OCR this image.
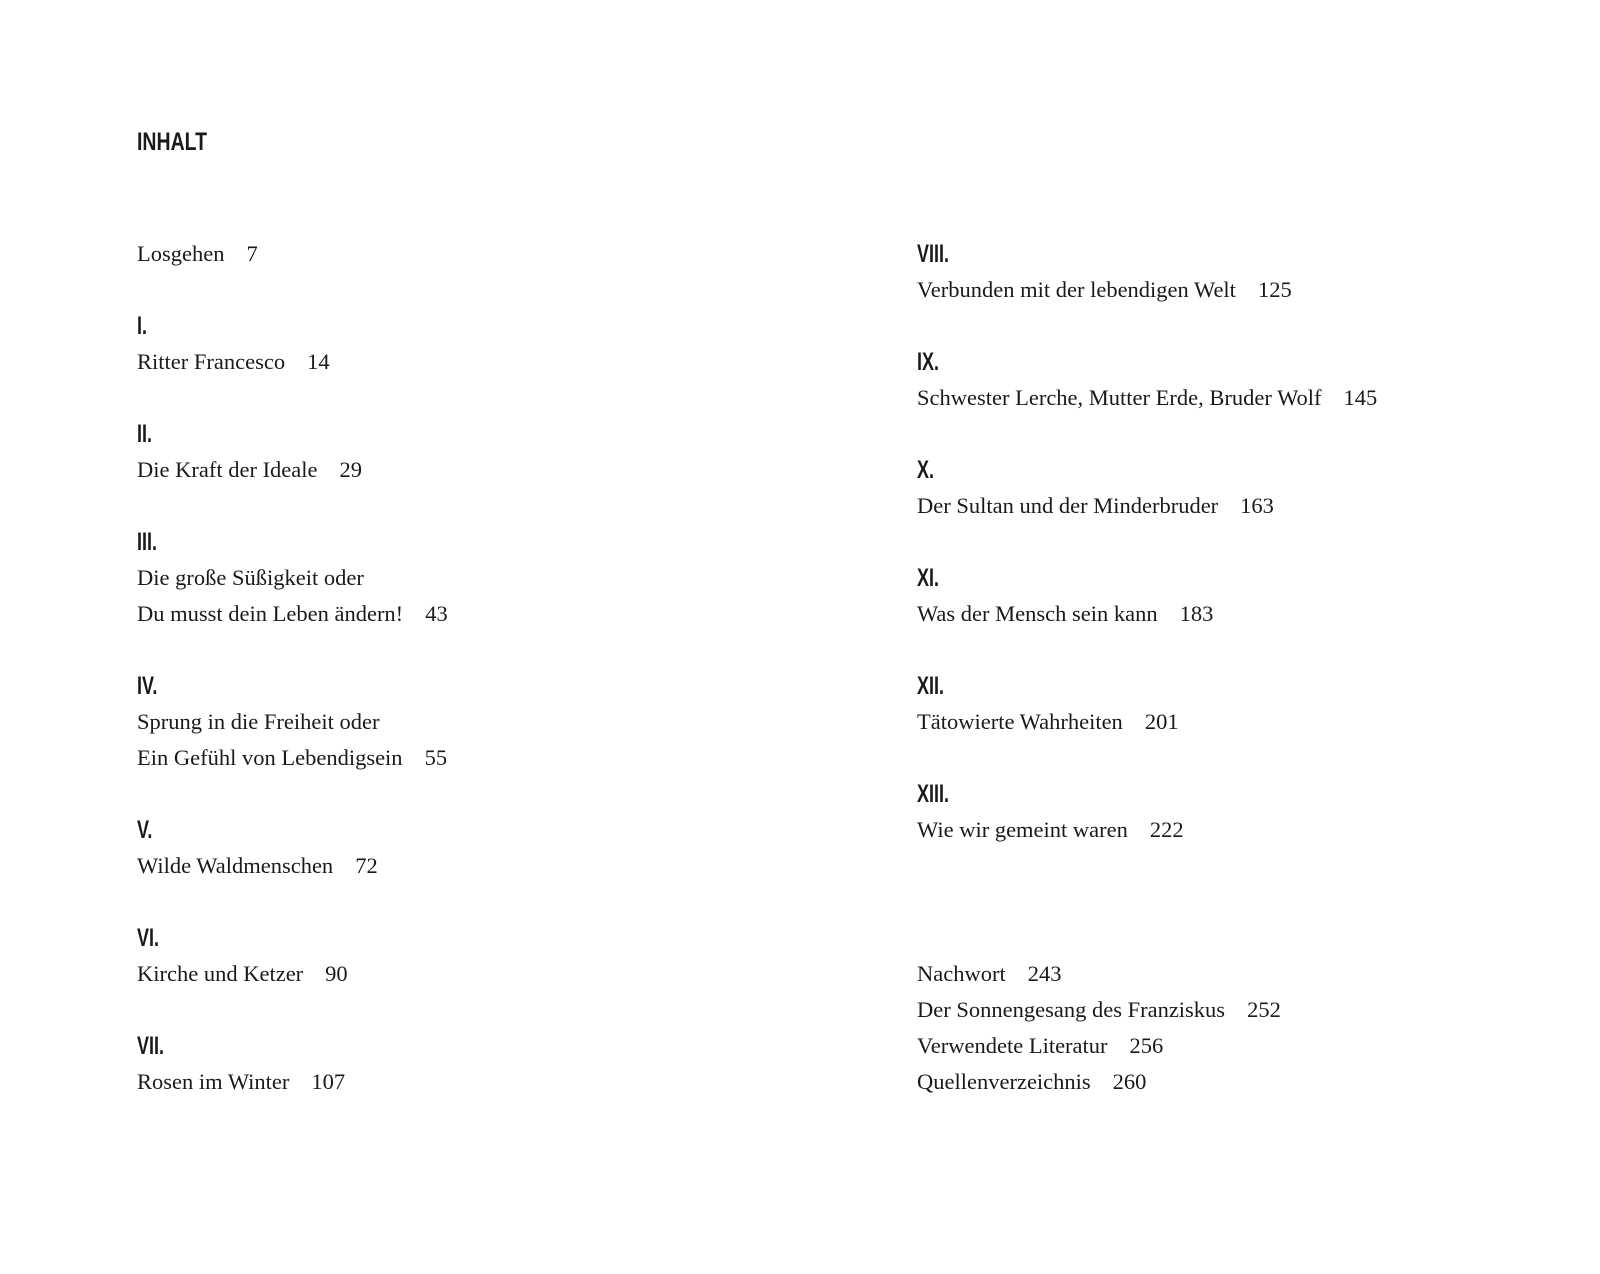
INHALT
Losgehen 7
I.
Ritter Francesco 14
II.
Die Kraft der Ideale 29
III.
Die große Süßigkeit oder
Du musst dein Leben ändern! 43
IV.
Sprung in die Freiheit oder
Ein Gefühl von Lebendigsein 55
V.
Wilde Waldmenschen 72
VI.
Kirche und Ketzer 90
VII.
Rosen im Winter 107
VIII.
Verbunden mit der lebendigen Welt 125
IX.
Schwester Lerche, Mutter Erde, Bruder Wolf 145
X.
Der Sultan und der Minderbruder 163
XI.
Was der Mensch sein kann 183
XII.
Tätowierte Wahrheiten 201
XIII.
Wie wir gemeint waren 222
Nachwort 243
Der Sonnengesang des Franziskus 252
Verwendete Literatur 256
Quellenverzeichnis 260
